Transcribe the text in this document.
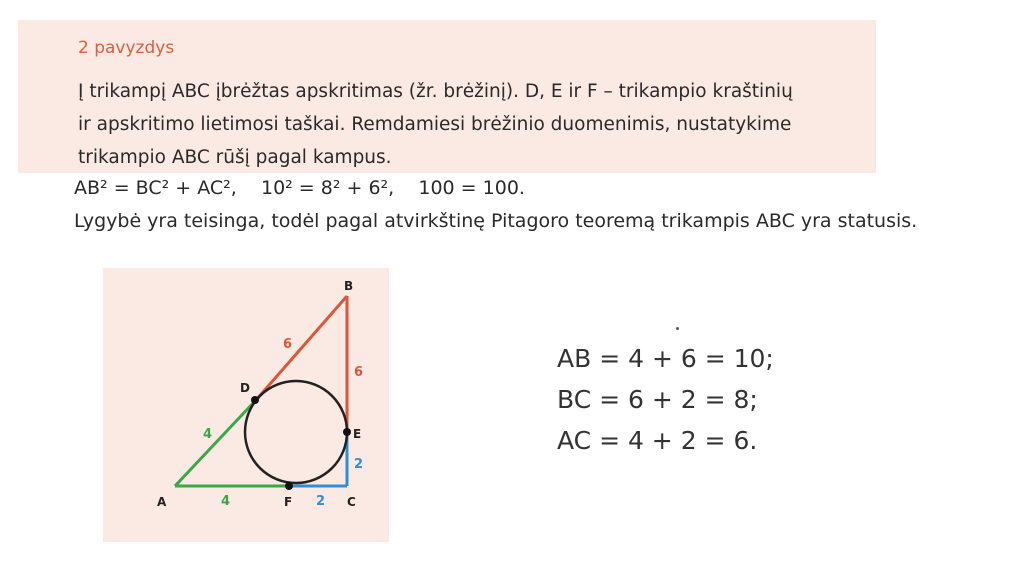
2 pavyzdys
Į trikampį ABC įbrėžtas apskritimas (žr. brėžinį). D, E ir F – trikampio kraštinių
ir apskritimo lietimosi taškai. Remdamiesi brėžinio duomenimis, nustatykime
trikampio ABC rūšį pagal kampus.
AB² = BC² + AC²,    10² = 8² + 6²,    100 = 100.
Lygybė yra teisinga, todėl pagal atvirkštinę Pitagoro teoremą trikampis ABC yra statusis.
B
A	C
D
E
F
6
6
4
4	2
2
AB = 4 + 6 = 10;
BC = 6 + 2 = 8;
AC = 4 + 2 = 6.
